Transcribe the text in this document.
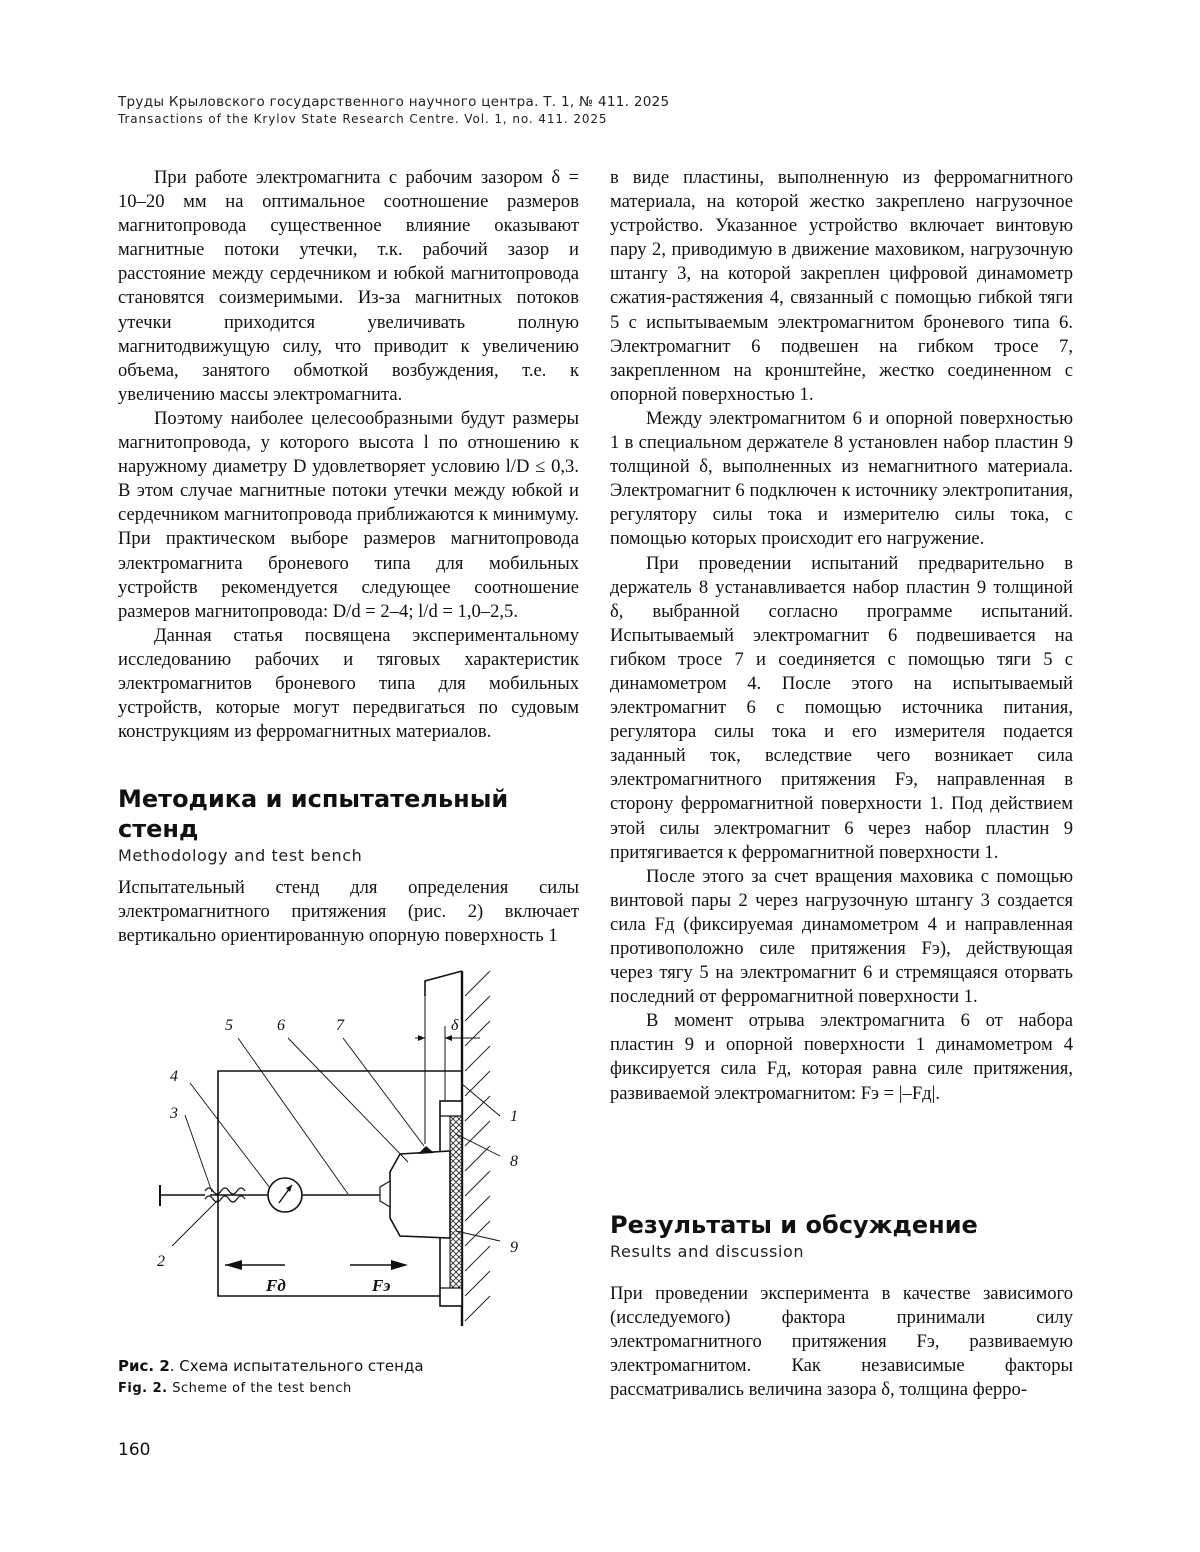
Труды Крыловского государственного научного центра. Т. 1, № 411. 2025
Transactions of the Krylov State Research Centre. Vol. 1, no. 411. 2025

При работе электромагнита с рабочим зазором δ = 10–20 мм на оптимальное соотношение размеров магнитопровода существенное влияние оказывают магнитные потоки утечки, т.к. рабочий зазор и расстояние между сердечником и юбкой магнитопровода становятся соизмеримыми. Из-за магнитных потоков утечки приходится увеличивать полную магнитодвижущую силу, что приводит к увеличению объема, занятого обмоткой возбуждения, т.е. к увеличению массы электромагнита.

Поэтому наиболее целесообразными будут размеры магнитопровода, у которого высота l по отношению к наружному диаметру D удовлетворяет условию l/D ≤ 0,3. В этом случае магнитные потоки утечки между юбкой и сердечником магнитопровода приближаются к минимуму. При практическом выборе размеров магнитопровода электромагнита броневого типа для мобильных устройств рекомендуется следующее соотношение размеров магнитопровода: D/d = 2–4; l/d = 1,0–2,5.

Данная статья посвящена экспериментальному исследованию рабочих и тяговых характеристик электромагнитов броневого типа для мобильных устройств, которые могут передвигаться по судовым конструкциям из ферромагнитных материалов.

Методика и испытательный стенд
Methodology and test bench

Испытательный стенд для определения силы электромагнитного притяжения (рис. 2) включает вертикально ориентированную опорную поверхность 1

δ
Fд	Fэ
5	6	7
4
3
2
1
8
9
Рис. 2. Схема испытательного стенда
Fig. 2. Scheme of the test bench

в виде пластины, выполненную из ферромагнитного материала, на которой жестко закреплено нагрузочное устройство. Указанное устройство включает винтовую пару 2, приводимую в движение маховиком, нагрузочную штангу 3, на которой закреплен цифровой динамометр сжатия-растяжения 4, связанный с помощью гибкой тяги 5 с испытываемым электромагнитом броневого типа 6. Электромагнит 6 подвешен на гибком тросе 7, закрепленном на кронштейне, жестко соединенном с опорной поверхностью 1.

Между электромагнитом 6 и опорной поверхностью 1 в специальном держателе 8 установлен набор пластин 9 толщиной δ, выполненных из немагнитного материала. Электромагнит 6 подключен к источнику электропитания, регулятору силы тока и измерителю силы тока, с помощью которых происходит его нагружение.

При проведении испытаний предварительно в держатель 8 устанавливается набор пластин 9 толщиной δ, выбранной согласно программе испытаний. Испытываемый электромагнит 6 подвешивается на гибком тросе 7 и соединяется с помощью тяги 5 с динамометром 4. После этого на испытываемый электромагнит 6 с помощью источника питания, регулятора силы тока и его измерителя подается заданный ток, вследствие чего возникает сила электромагнитного притяжения Fэ, направленная в сторону ферромагнитной поверхности 1. Под действием этой силы электромагнит 6 через набор пластин 9 притягивается к ферромагнитной поверхности 1.

После этого за счет вращения маховика с помощью винтовой пары 2 через нагрузочную штангу 3 создается сила Fд (фиксируемая динамометром 4 и направленная противоположно силе притяжения Fэ), действующая через тягу 5 на электромагнит 6 и стремящаяся оторвать последний от ферромагнитной поверхности 1.

В момент отрыва электромагнита 6 от набора пластин 9 и опорной поверхности 1 динамометром 4 фиксируется сила Fд, которая равна силе притяжения, развиваемой электромагнитом: Fэ = |–Fд|.

Результаты и обсуждение
Results and discussion

При проведении эксперимента в качестве зависимого (исследуемого) фактора принимали силу электромагнитного притяжения Fэ, развиваемую электромагнитом. Как независимые факторы рассматривались величина зазора δ, толщина ферро-

160
